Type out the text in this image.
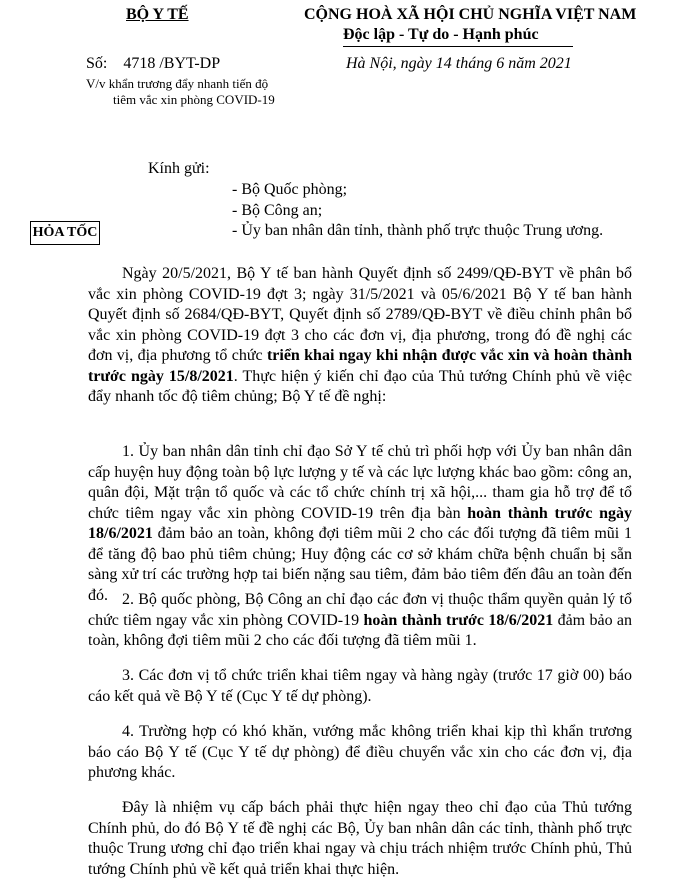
BỘ Y TẾ	CỘNG HOÀ XÃ HỘI CHỦ NGHĨA VIỆT NAM
Độc lập - Tự do - Hạnh phúc
Số: 4718 /BYT-DP
V/v khẩn trương đẩy nhanh tiến độ
tiêm vắc xin phòng COVID-19
Hà Nội, ngày 14 tháng 6 năm 2021
Kính gửi:
- Bộ Quốc phòng;
- Bộ Công an;
- Ủy ban nhân dân tỉnh, thành phố trực thuộc Trung ương.
HỎA TỐC

Ngày 20/5/2021, Bộ Y tế ban hành Quyết định số 2499/QĐ-BYT về phân bổ vắc xin phòng COVID-19 đợt 3; ngày 31/5/2021 và 05/6/2021 Bộ Y tế ban hành Quyết định số 2684/QĐ-BYT, Quyết định số 2789/QĐ-BYT về điều chỉnh phân bổ vắc xin phòng COVID-19 đợt 3 cho các đơn vị, địa phương, trong đó đề nghị các đơn vị, địa phương tổ chức triển khai ngay khi nhận được vắc xin và hoàn thành trước ngày 15/8/2021. Thực hiện ý kiến chỉ đạo của Thủ tướng Chính phủ về việc đẩy nhanh tốc độ tiêm chủng; Bộ Y tế đề nghị:

1. Ủy ban nhân dân tỉnh chỉ đạo Sở Y tế chủ trì phối hợp với Ủy ban nhân dân cấp huyện huy động toàn bộ lực lượng y tế và các lực lượng khác bao gồm: công an, quân đội, Mặt trận tổ quốc và các tổ chức chính trị xã hội,... tham gia hỗ trợ để tổ chức tiêm ngay vắc xin phòng COVID-19 trên địa bàn hoàn thành trước ngày 18/6/2021 đảm bảo an toàn, không đợi tiêm mũi 2 cho các đối tượng đã tiêm mũi 1 để tăng độ bao phủ tiêm chủng; Huy động các cơ sở khám chữa bệnh chuẩn bị sẵn sàng xử trí các trường hợp tai biến nặng sau tiêm, đảm bảo tiêm đến đâu an toàn đến đó. 2. Bộ quốc phòng, Bộ Công an chỉ đạo các đơn vị thuộc thẩm quyền quản lý tổ chức tiêm ngay vắc xin phòng COVID-19 hoàn thành trước 18/6/2021 đảm bảo an toàn, không đợi tiêm mũi 2 cho các đối tượng đã tiêm mũi 1.

3. Các đơn vị tổ chức triển khai tiêm ngay và hàng ngày (trước 17 giờ 00) báo cáo kết quả về Bộ Y tế (Cục Y tế dự phòng).

4. Trường hợp có khó khăn, vướng mắc không triển khai kịp thì khẩn trương báo cáo Bộ Y tế (Cục Y tế dự phòng) để điều chuyển vắc xin cho các đơn vị, địa phương khác.

Đây là nhiệm vụ cấp bách phải thực hiện ngay theo chỉ đạo của Thủ tướng Chính phủ, do đó Bộ Y tế đề nghị các Bộ, Ủy ban nhân dân các tỉnh, thành phố trực thuộc Trung ương chỉ đạo triển khai ngay và chịu trách nhiệm trước Chính phủ, Thủ tướng Chính phủ về kết quả triển khai thực hiện.
